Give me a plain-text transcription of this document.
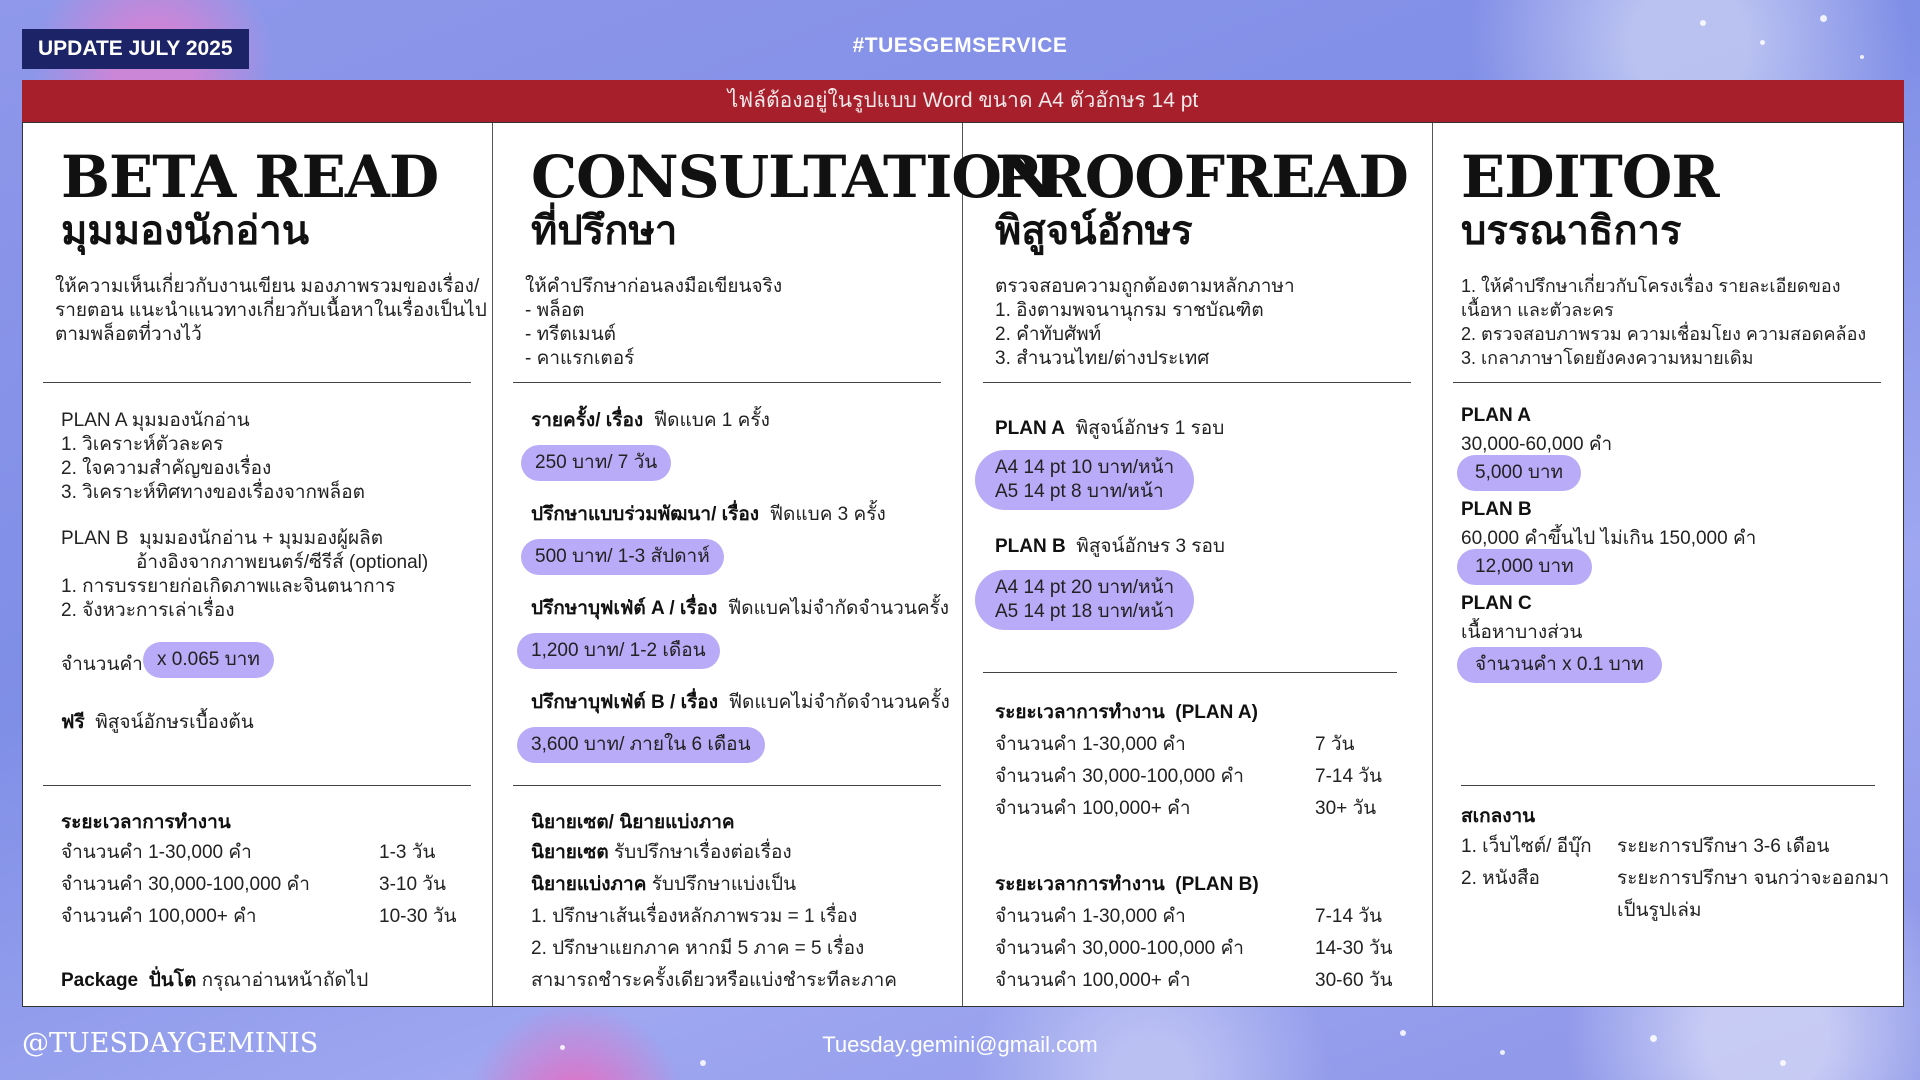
UPDATE JULY 2025	#TUESGEMSERVICE
ไฟล์ต้องอยู่ในรูปแบบ Word ขนาด A4 ตัวอักษร 14 pt
BETA READ
มุมมองนักอ่าน
ให้ความเห็นเกี่ยวกับงานเขียน มองภาพรวมของเรื่อง/
รายตอน แนะนำแนวทางเกี่ยวกับเนื้อหาในเรื่องเป็นไป
ตามพล็อตที่วางไว้
PLAN A มุมมองนักอ่าน
1. วิเคราะห์ตัวละคร
2. ใจความสำคัญของเรื่อง
3. วิเคราะห์ทิศทางของเรื่องจากพล็อต
PLAN B มุมมองนักอ่าน + มุมมองผู้ผลิต
อ้างอิงจากภาพยนตร์/ซีรีส์ (optional)
1. การบรรยายก่อเกิดภาพและจินตนาการ
2. จังหวะการเล่าเรื่อง
จำนวนคำ x 0.065 บาท
ฟรี พิสูจน์อักษรเบื้องต้น
ระยะเวลาการทำงาน
จำนวนคำ 1-30,000 คำ	1-3 วัน
จำนวนคำ 30,000-100,000 คำ	3-10 วัน
จำนวนคำ 100,000+ คำ	10-30 วัน
Package ปั่นโต กรุณาอ่านหน้าถัดไป
CONSULTATION
ที่ปรึกษา
ให้คำปรึกษาก่อนลงมือเขียนจริง
- พล็อต
- ทรีตเมนต์
- คาแรกเตอร์
รายครั้ง/ เรื่อง ฟีดแบค 1 ครั้ง
250 บาท/ 7 วัน
ปรึกษาแบบร่วมพัฒนา/ เรื่อง ฟีดแบค 3 ครั้ง
500 บาท/ 1-3 สัปดาห์
ปรึกษาบุฟเฟ่ต์ A / เรื่อง ฟีดแบคไม่จำกัดจำนวนครั้ง
1,200 บาท/ 1-2 เดือน
ปรึกษาบุฟเฟ่ต์ B / เรื่อง ฟีดแบคไม่จำกัดจำนวนครั้ง
3,600 บาท/ ภายใน 6 เดือน
นิยายเซต/ นิยายแบ่งภาค
นิยายเซต รับปรึกษาเรื่องต่อเรื่อง
นิยายแบ่งภาค รับปรึกษาแบ่งเป็น
1. ปรึกษาเส้นเรื่องหลักภาพรวม = 1 เรื่อง
2. ปรึกษาแยกภาค หากมี 5 ภาค = 5 เรื่อง
สามารถชำระครั้งเดียวหรือแบ่งชำระทีละภาค
PROOFREAD
พิสูจน์อักษร
ตรวจสอบความถูกต้องตามหลักภาษา
1. อิงตามพจนานุกรม ราชบัณฑิต
2. คำทับศัพท์
3. สำนวนไทย/ต่างประเทศ
PLAN A พิสูจน์อักษร 1 รอบ
A4 14 pt 10 บาท/หน้า
A5 14 pt 8 บาท/หน้า
PLAN B พิสูจน์อักษร 3 รอบ
A4 14 pt 20 บาท/หน้า
A5 14 pt 18 บาท/หน้า
ระยะเวลาการทำงาน (PLAN A)
จำนวนคำ 1-30,000 คำ	7 วัน
จำนวนคำ 30,000-100,000 คำ	7-14 วัน
จำนวนคำ 100,000+ คำ	30+ วัน
ระยะเวลาการทำงาน (PLAN B)
จำนวนคำ 1-30,000 คำ	7-14 วัน
จำนวนคำ 30,000-100,000 คำ	14-30 วัน
จำนวนคำ 100,000+ คำ	30-60 วัน
EDITOR
บรรณาธิการ
1. ให้คำปรึกษาเกี่ยวกับโครงเรื่อง รายละเอียดของ
เนื้อหา และตัวละคร
2. ตรวจสอบภาพรวม ความเชื่อมโยง ความสอดคล้อง
3. เกลาภาษาโดยยังคงความหมายเดิม
PLAN A
30,000-60,000 คำ
5,000 บาท
PLAN B
60,000 คำขึ้นไป ไม่เกิน 150,000 คำ
12,000 บาท
PLAN C
เนื้อหาบางส่วน
จำนวนคำ x 0.1 บาท
สเกลงาน
1. เว็บไซต์/ อีบุ๊ก ระยะการปรึกษา 3-6 เดือน
2. หนังสือ	ระยะการปรึกษา จนกว่าจะออกมา
เป็นรูปเล่ม
@TUESDAYGEMINIS	Tuesday.gemini@gmail.com
